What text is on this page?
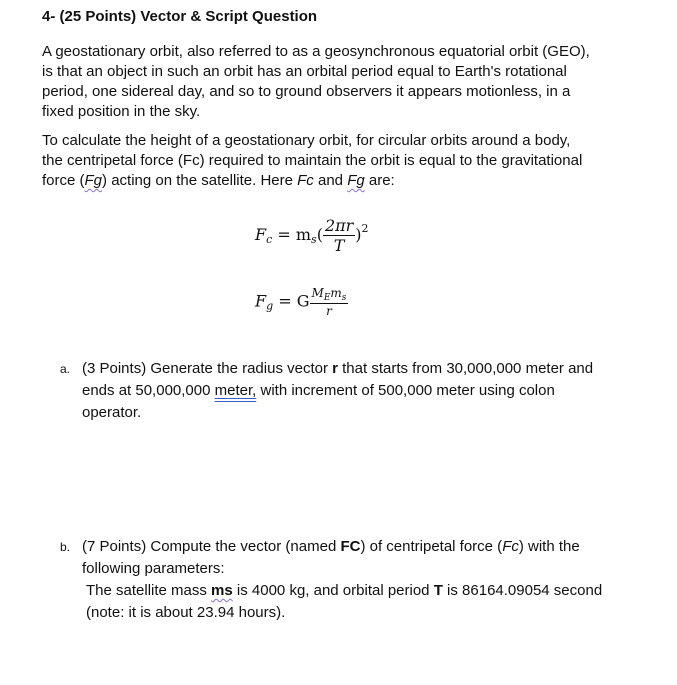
4- (25 Points) Vector & Script Question
A geostationary orbit, also referred to as a geosynchronous equatorial orbit (GEO),
is that an object in such an orbit has an orbital period equal to Earth's rotational
period, one sidereal day, and so to ground observers it appears motionless, in a
fixed position in the sky.
To calculate the height of a geostationary orbit, for circular orbits around a body,
the centripetal force (Fc) required to maintain the orbit is equal to the gravitational
force (Fg) acting on the satellite. Here Fc and Fg are:
$F_c = m_s( \frac{2\pi r}{T} )^2$
$F_g = G \frac{M_Em_s}{r}$
a. (3 Points) Generate the radius vector r that starts from 30,000,000 meter and
ends at 50,000,000 meter, with increment of 500,000 meter using colon
operator.
b. (7 Points) Compute the vector (named FC) of centripetal force (Fc) with the
following parameters:
The satellite mass ms is 4000 kg, and orbital period T is 86164.09054 second
(note: it is about 23.94 hours).
